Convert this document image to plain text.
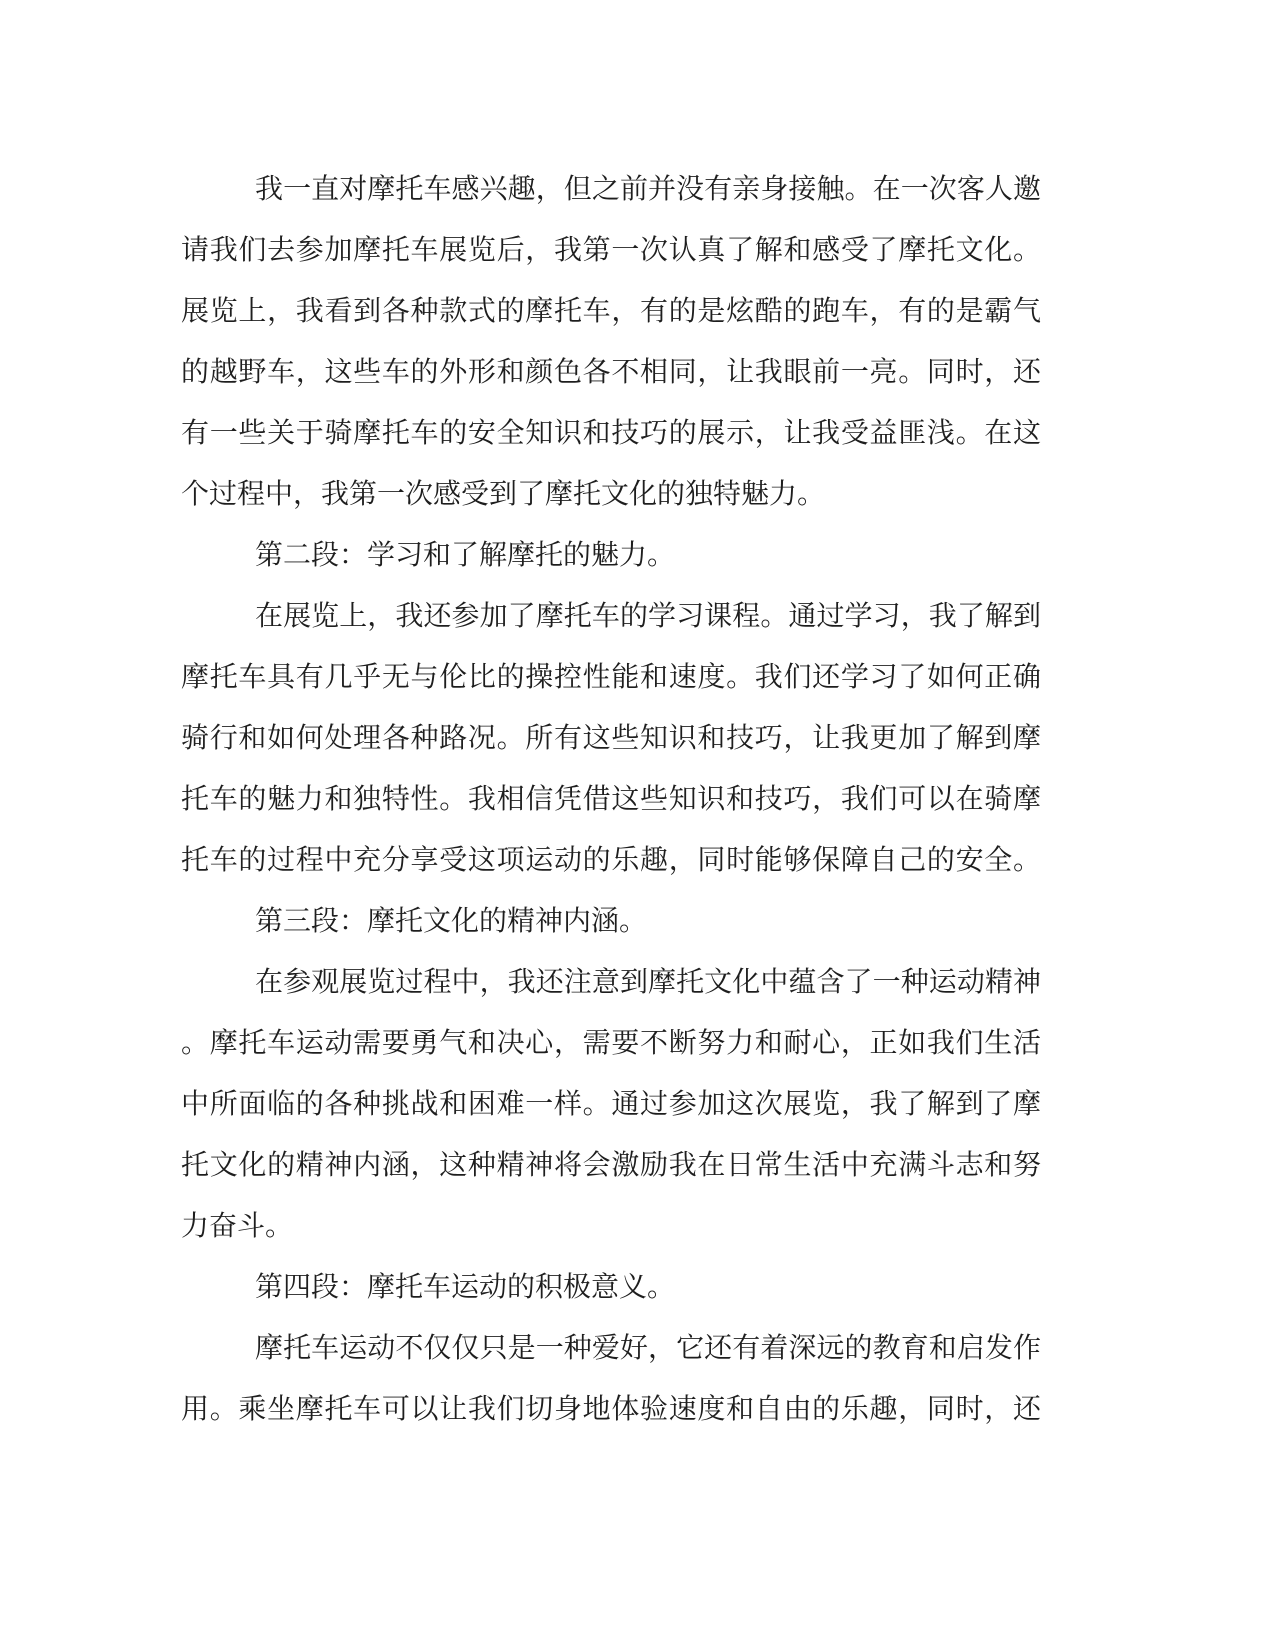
我一直对摩托车感兴趣，但之前并没有亲身接触。在一次客人邀
请我们去参加摩托车展览后，我第一次认真了解和感受了摩托文化。
展览上，我看到各种款式的摩托车，有的是炫酷的跑车，有的是霸气
的越野车，这些车的外形和颜色各不相同，让我眼前一亮。同时，还
有一些关于骑摩托车的安全知识和技巧的展示，让我受益匪浅。在这
个过程中，我第一次感受到了摩托文化的独特魅力。
第二段：学习和了解摩托的魅力。
在展览上，我还参加了摩托车的学习课程。通过学习，我了解到
摩托车具有几乎无与伦比的操控性能和速度。我们还学习了如何正确
骑行和如何处理各种路况。所有这些知识和技巧，让我更加了解到摩
托车的魅力和独特性。我相信凭借这些知识和技巧，我们可以在骑摩
托车的过程中充分享受这项运动的乐趣，同时能够保障自己的安全。
第三段：摩托文化的精神内涵。
在参观展览过程中，我还注意到摩托文化中蕴含了一种运动精神
。摩托车运动需要勇气和决心，需要不断努力和耐心，正如我们生活
中所面临的各种挑战和困难一样。通过参加这次展览，我了解到了摩
托文化的精神内涵，这种精神将会激励我在日常生活中充满斗志和努
力奋斗。
第四段：摩托车运动的积极意义。
摩托车运动不仅仅只是一种爱好，它还有着深远的教育和启发作
用。乘坐摩托车可以让我们切身地体验速度和自由的乐趣，同时，还
